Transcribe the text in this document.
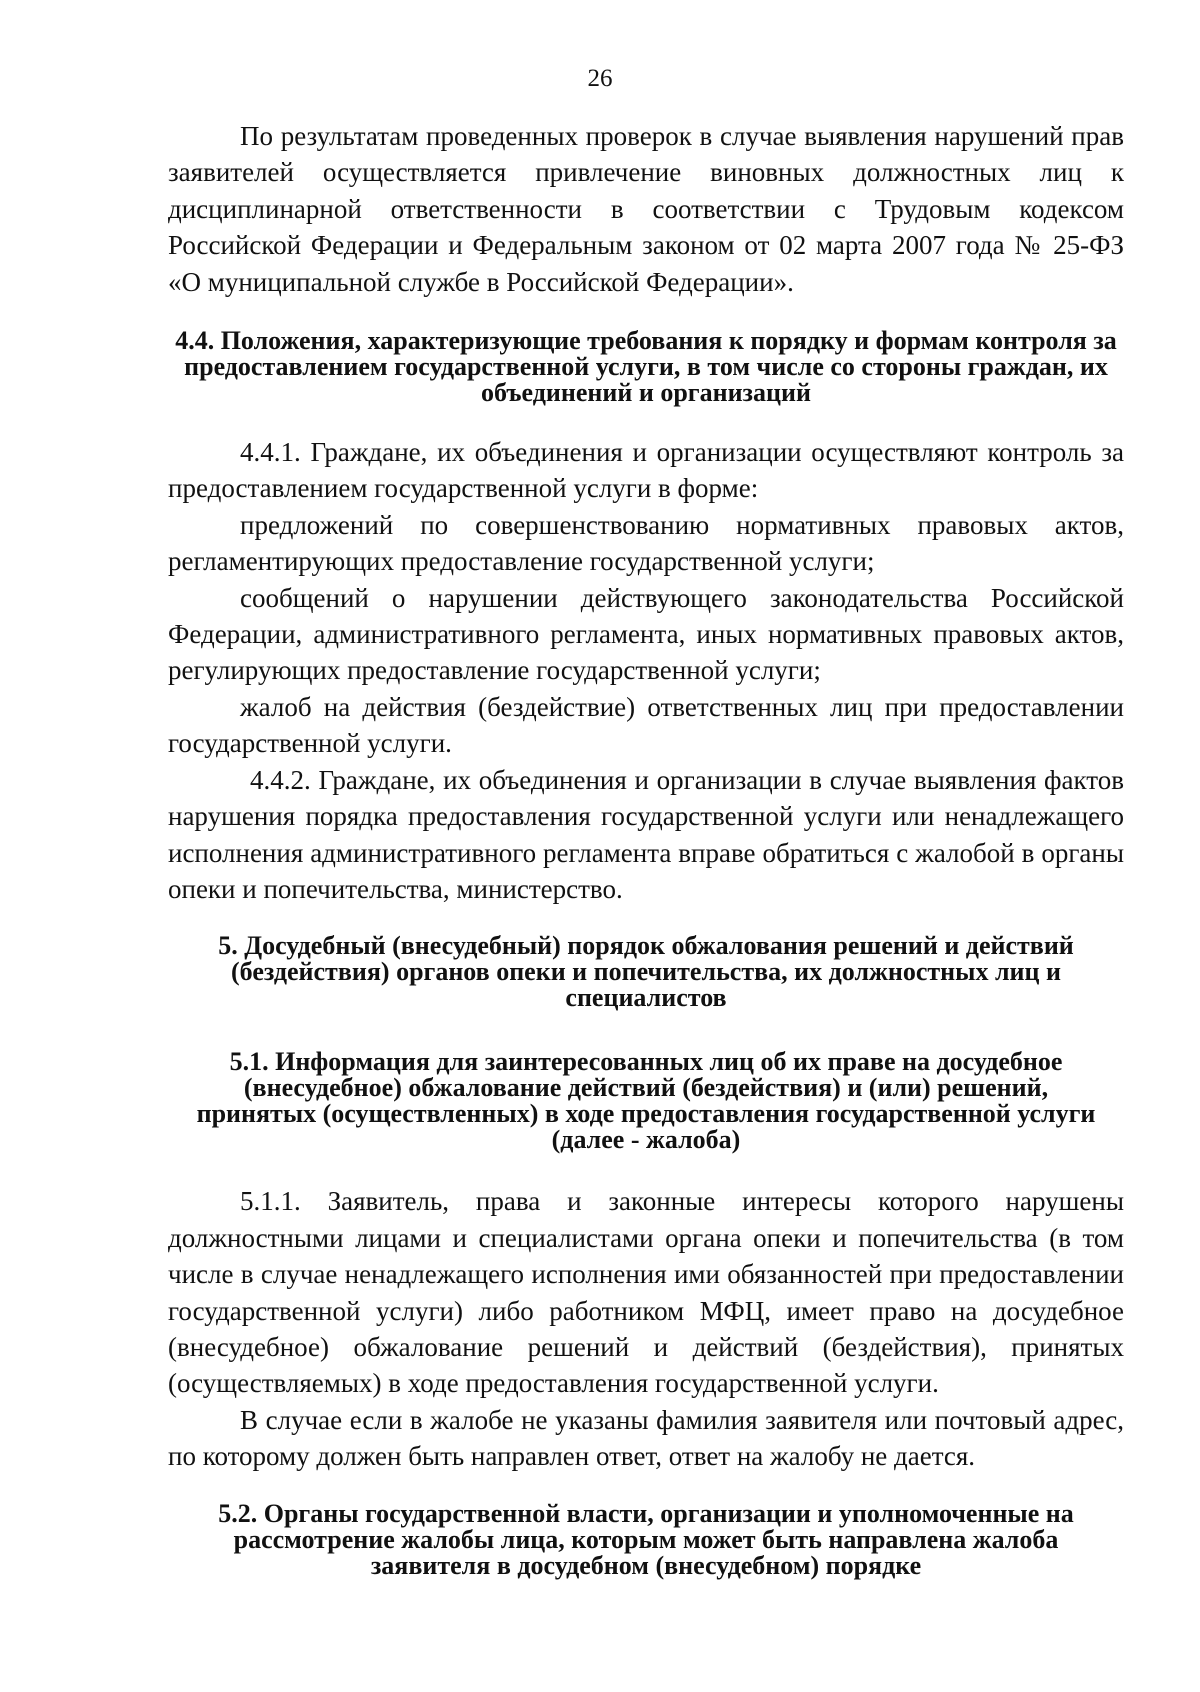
26

По результатам проведенных проверок в случае выявления нарушений прав заявителей осуществляется привлечение виновных должностных лиц к дисциплинарной ответственности в соответствии с Трудовым кодексом Российской Федерации и Федеральным законом от 02 марта 2007 года № 25-ФЗ «О муниципальной службе в Российской Федерации».

4.4. Положения, характеризующие требования к порядку и формам контроля за предоставлением государственной услуги, в том числе со стороны граждан, их объединений и организаций

4.4.1. Граждане, их объединения и организации осуществляют контроль за предоставлением государственной услуги в форме:

предложений по совершенствованию нормативных правовых актов, регламентирующих предоставление государственной услуги;

сообщений о нарушении действующего законодательства Российской Федерации, административного регламента, иных нормативных правовых актов, регулирующих предоставление государственной услуги;

жалоб на действия (бездействие) ответственных лиц при предоставлении государственной услуги.

4.4.2. Граждане, их объединения и организации в случае выявления фактов нарушения порядка предоставления государственной услуги или ненадлежащего исполнения административного регламента вправе обратиться с жалобой в органы опеки и попечительства, министерство.

5. Досудебный (внесудебный) порядок обжалования решений и действий (бездействия) органов опеки и попечительства, их должностных лиц и специалистов
5.1. Информация для заинтересованных лиц об их праве на досудебное (внесудебное) обжалование действий (бездействия) и (или) решений, принятых (осуществленных) в ходе предоставления государственной услуги (далее - жалоба)

5.1.1. Заявитель, права и законные интересы которого нарушены должностными лицами и специалистами органа опеки и попечительства (в том числе в случае ненадлежащего исполнения ими обязанностей при предоставлении государственной услуги) либо работником МФЦ, имеет право на досудебное (внесудебное) обжалование решений и действий (бездействия), принятых (осуществляемых) в ходе предоставления государственной услуги.

В случае если в жалобе не указаны фамилия заявителя или почтовый адрес, по которому должен быть направлен ответ, ответ на жалобу не дается.

5.2. Органы государственной власти, организации и уполномоченные на рассмотрение жалобы лица, которым может быть направлена жалоба заявителя в досудебном (внесудебном) порядке
